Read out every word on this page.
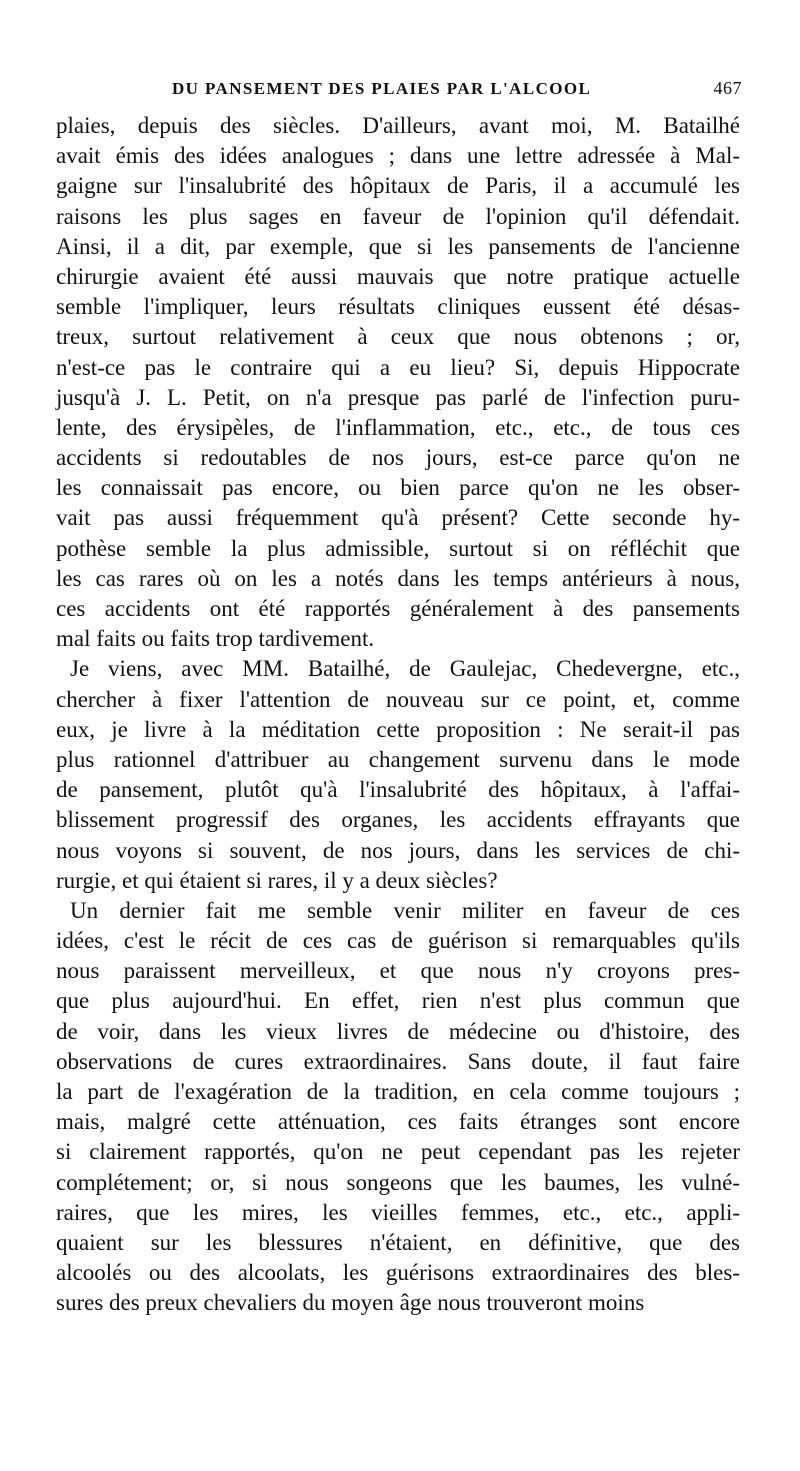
DU PANSEMENT DES PLAIES PAR L'ALCOOL	467
plaies, depuis des siècles. D'ailleurs, avant moi, M. Batailhé
avait émis des idées analogues ; dans une lettre adressée à Mal-
gaigne sur l'insalubrité des hôpitaux de Paris, il a accumulé les
raisons les plus sages en faveur de l'opinion qu'il défendait.
Ainsi, il a dit, par exemple, que si les pansements de l'ancienne
chirurgie avaient été aussi mauvais que notre pratique actuelle
semble l'impliquer, leurs résultats cliniques eussent été désas-
treux, surtout relativement à ceux que nous obtenons ; or,
n'est-ce pas le contraire qui a eu lieu? Si, depuis Hippocrate
jusqu'à J. L. Petit, on n'a presque pas parlé de l'infection puru-
lente, des érysipèles, de l'inflammation, etc., etc., de tous ces
accidents si redoutables de nos jours, est-ce parce qu'on ne
les connaissait pas encore, ou bien parce qu'on ne les obser-
vait pas aussi fréquemment qu'à présent? Cette seconde hy-
pothèse semble la plus admissible, surtout si on réfléchit que
les cas rares où on les a notés dans les temps antérieurs à nous,
ces accidents ont été rapportés généralement à des pansements
mal faits ou faits trop tardivement.
Je viens, avec MM. Batailhé, de Gaulejac, Chedevergne, etc.,
chercher à fixer l'attention de nouveau sur ce point, et, comme
eux, je livre à la méditation cette proposition : Ne serait-il pas
plus rationnel d'attribuer au changement survenu dans le mode
de pansement, plutôt qu'à l'insalubrité des hôpitaux, à l'affai-
blissement progressif des organes, les accidents effrayants que
nous voyons si souvent, de nos jours, dans les services de chi-
rurgie, et qui étaient si rares, il y a deux siècles?
Un dernier fait me semble venir militer en faveur de ces
idées, c'est le récit de ces cas de guérison si remarquables qu'ils
nous paraissent merveilleux, et que nous n'y croyons pres-
que plus aujourd'hui. En effet, rien n'est plus commun que
de voir, dans les vieux livres de médecine ou d'histoire, des
observations de cures extraordinaires. Sans doute, il faut faire
la part de l'exagération de la tradition, en cela comme toujours ;
mais, malgré cette atténuation, ces faits étranges sont encore
si clairement rapportés, qu'on ne peut cependant pas les rejeter
complétement; or, si nous songeons que les baumes, les vulné-
raires, que les mires, les vieilles femmes, etc., etc., appli-
quaient sur les blessures n'étaient, en définitive, que des
alcoolés ou des alcoolats, les guérisons extraordinaires des bles-
sures des preux chevaliers du moyen âge nous trouveront moins
